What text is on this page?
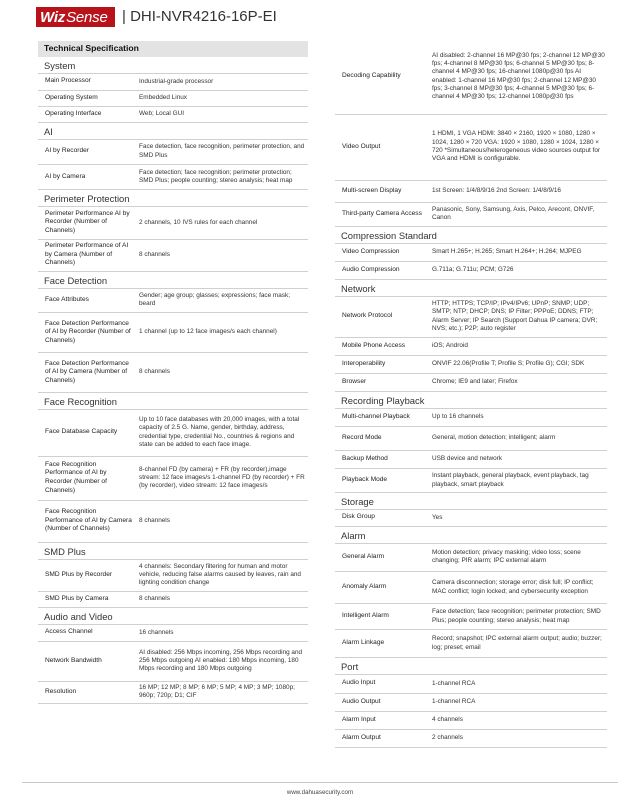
Wiz Sense | DHI-NVR4216-16P-EI
Technical Specification
System
Main Processor	Industrial-grade processor
Operating System	Embedded Linux
Operating Interface	Web; Local GUI
AI
AI by Recorder	Face detection, face recognition, perimeter protection, and SMD Plus
AI by Camera	Face detection; face recognition; perimeter protection; SMD Plus; people counting; stereo analysis; heat map
Perimeter Protection
Perimeter Performance AI by Recorder (Number of Channels)	2 channels, 10 IVS rules for each channel
Perimeter Performance of AI by Camera (Number of Channels)	8 channels
Face Detection
Face Attributes	Gender; age group; glasses; expressions; face mask; beard
Face Detection Performance of AI by Recorder (Number of Channels)	1 channel (up to 12 face images/s each channel)
Face Detection Performance of AI by Camera (Number of Channels)	8 channels
Face Recognition
Face Database Capacity	Up to 10 face databases with 20,000 images, with a total capacity of 2.5 G. Name, gender, birthday, address, credential type, credential No., countries & regions and state can be added to each face image.
Face Recognition Performance of AI by Recorder (Number of Channels)	8-channel FD (by camera) + FR (by recorder),image stream: 12 face images/s 1-channel FD (by recorder) + FR (by recorder), video stream: 12 face images/s
Face Recognition Performance of AI by Camera (Number of Channels)	8 channels
SMD Plus
SMD Plus by Recorder	4 channels: Secondary filtering for human and motor vehicle, reducing false alarms caused by leaves, rain and lighting condition change
SMD Plus by Camera	8 channels
Audio and Video
Access Channel	16 channels
Network Bandwidth	AI disabled: 256 Mbps incoming, 256 Mbps recording and 256 Mbps outgoing AI enabled: 180 Mbps incoming, 180 Mbps recording and 180 Mbps outgoing
Resolution	16 MP; 12 MP; 8 MP; 6 MP; 5 MP; 4 MP; 3 MP; 1080p; 960p; 720p; D1; CIF
Decoding Capability	AI disabled: 2-channel 16 MP@30 fps; 2-channel 12 MP@30 fps; 4-channel 8 MP@30 fps; 6-channel 5 MP@30 fps; 8-channel 4 MP@30 fps; 16-channel 1080p@30 fps AI enabled: 1-channel 16 MP@30 fps; 2-channel 12 MP@30 fps; 3-channel 8 MP@30 fps; 4-channel 5 MP@30 fps; 6-channel 4 MP@30 fps; 12-channel 1080p@30 fps
Video Output	1 HDMI, 1 VGA HDMI: 3840 × 2160, 1920 × 1080, 1280 × 1024, 1280 × 720 VGA: 1920 × 1080, 1280 × 1024, 1280 × 720 *Simultaneous/heterogeneous video sources output for VGA and HDMI is configurable.
Multi-screen Display	1st Screen: 1/4/8/9/16 2nd Screen: 1/4/8/9/16
Third-party Camera Access	Panasonic, Sony, Samsung, Axis, Pelco, Arecont, ONVIF, Canon
Compression Standard
Video Compression	Smart H.265+; H.265; Smart H.264+; H.264; MJPEG
Audio Compression	G.711a; G.711u; PCM; G726
Network
Network Protocol	HTTP; HTTPS; TCP/IP; IPv4/IPv6; UPnP; SNMP; UDP; SMTP; NTP; DHCP; DNS; IP Filter; PPPoE; DDNS; FTP; Alarm Server; IP Search (Support Dahua IP camera; DVR; NVS; etc.); P2P; auto register
Mobile Phone Access	iOS; Android
Interoperability	ONVIF 22.06(Profile T; Profile S; Profile G); CGI; SDK
Browser	Chrome; IE9 and later; Firefox
Recording Playback
Multi-channel Playback	Up to 16 channels
Record Mode	General, motion detection; intelligent; alarm
Backup Method	USB device and network
Playback Mode	Instant playback, general playback, event playback, tag playback, smart playback
Storage
Disk Group	Yes
Alarm
General Alarm	Motion detection; privacy masking; video loss; scene changing; PIR alarm; IPC external alarm
Anomaly Alarm	Camera disconnection; storage error; disk full; IP conflict; MAC conflict; login locked; and cybersecurity exception
Intelligent Alarm	Face detection; face recognition; perimeter protection; SMD Plus; people counting; stereo analysis; heat map
Alarm Linkage	Record; snapshot; IPC external alarm output; audio; buzzer; log; preset; email
Port
Audio Input	1-channel RCA
Audio Output	1-channel RCA
Alarm Input	4 channels
Alarm Output	2 channels
www.dahuasecurity.com
